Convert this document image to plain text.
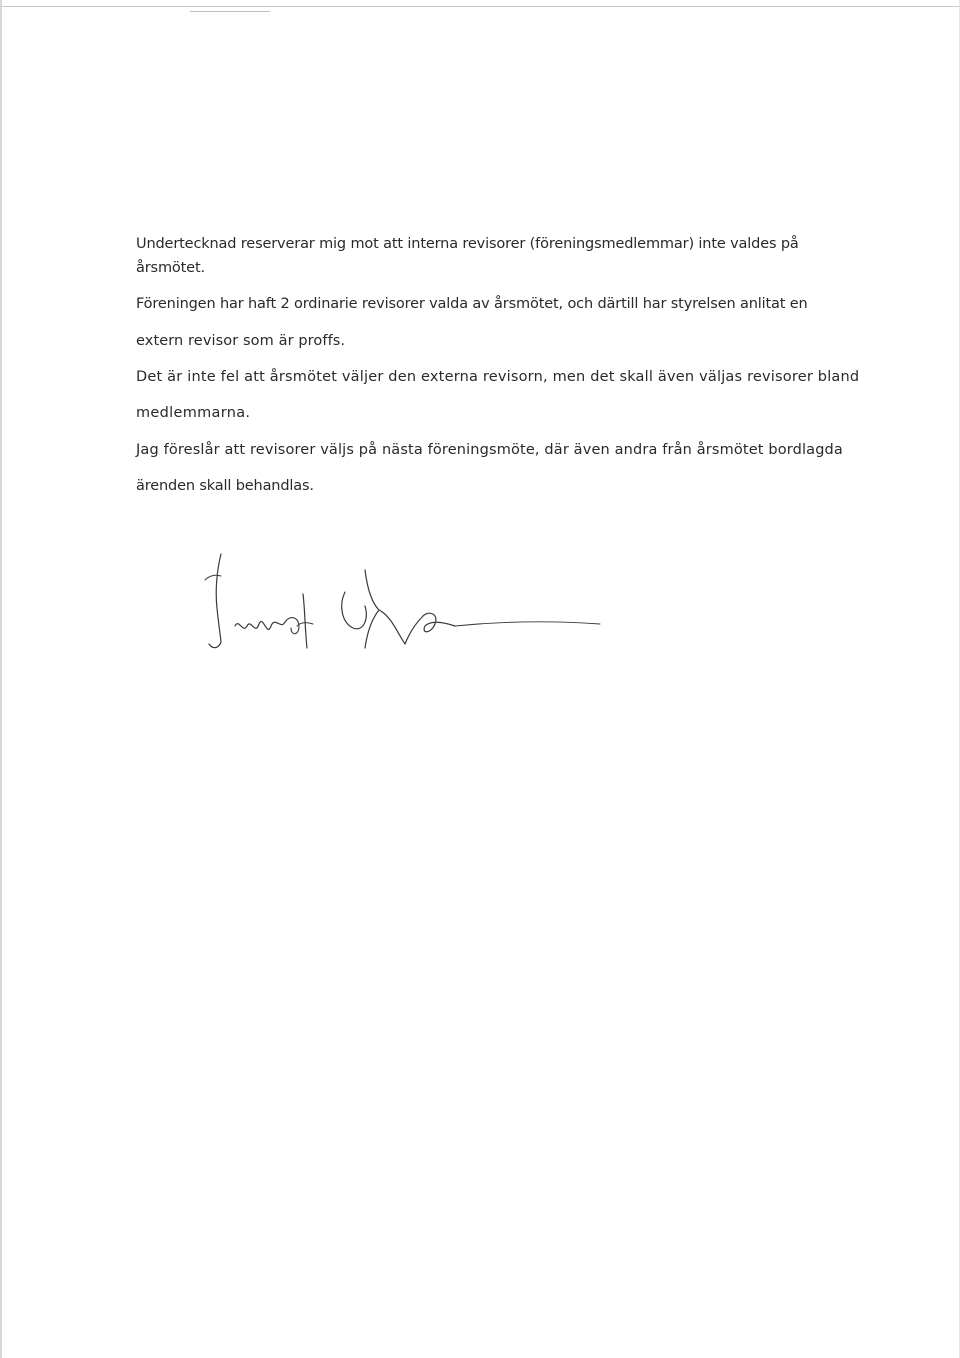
Undertecknad reserverar mig mot att interna revisorer (föreningsmedlemmar) inte valdes på

årsmötet.

Föreningen har haft 2 ordinarie revisorer valda av årsmötet, och därtill har styrelsen anlitat en

extern revisor som är proffs.

Det är inte fel att årsmötet väljer den externa revisorn, men det skall även väljas revisorer bland

medlemmarna.

Jag föreslår att revisorer väljs på nästa föreningsmöte, där även andra från årsmötet bordlagda

ärenden skall behandlas.
